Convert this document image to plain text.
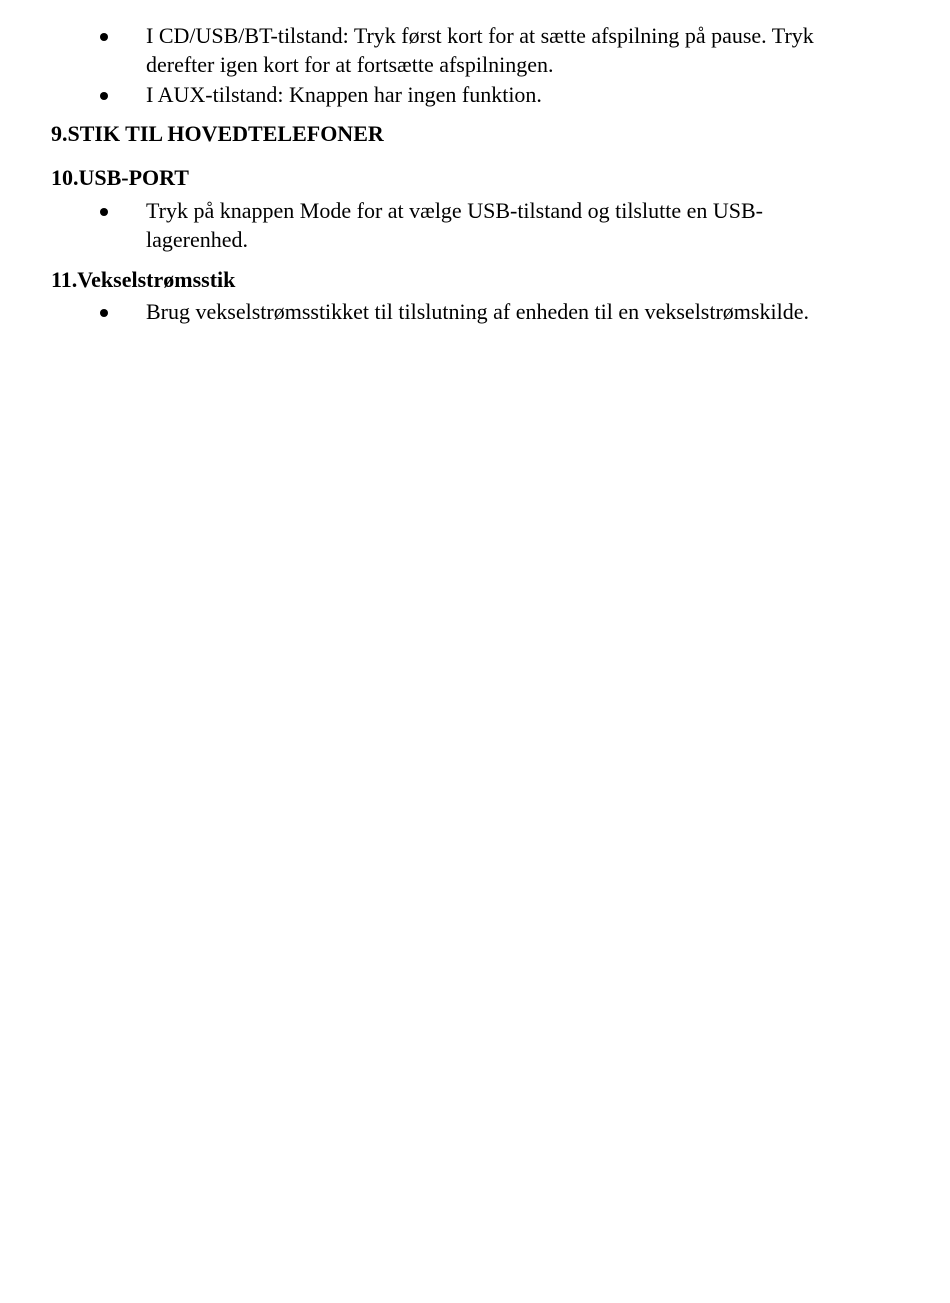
I CD/USB/BT-tilstand: Tryk først kort for at sætte afspilning på pause. Tryk derefter igen kort for at fortsætte afspilningen.
I AUX-tilstand: Knappen har ingen funktion.
9.STIK TIL HOVEDTELEFONER
10.USB-PORT
Tryk på knappen Mode for at vælge USB-tilstand og tilslutte en USB-lagerenhed.
11.Vekselstrømsstik
Brug vekselstrømsstikket til tilslutning af enheden til en vekselstrømskilde.
